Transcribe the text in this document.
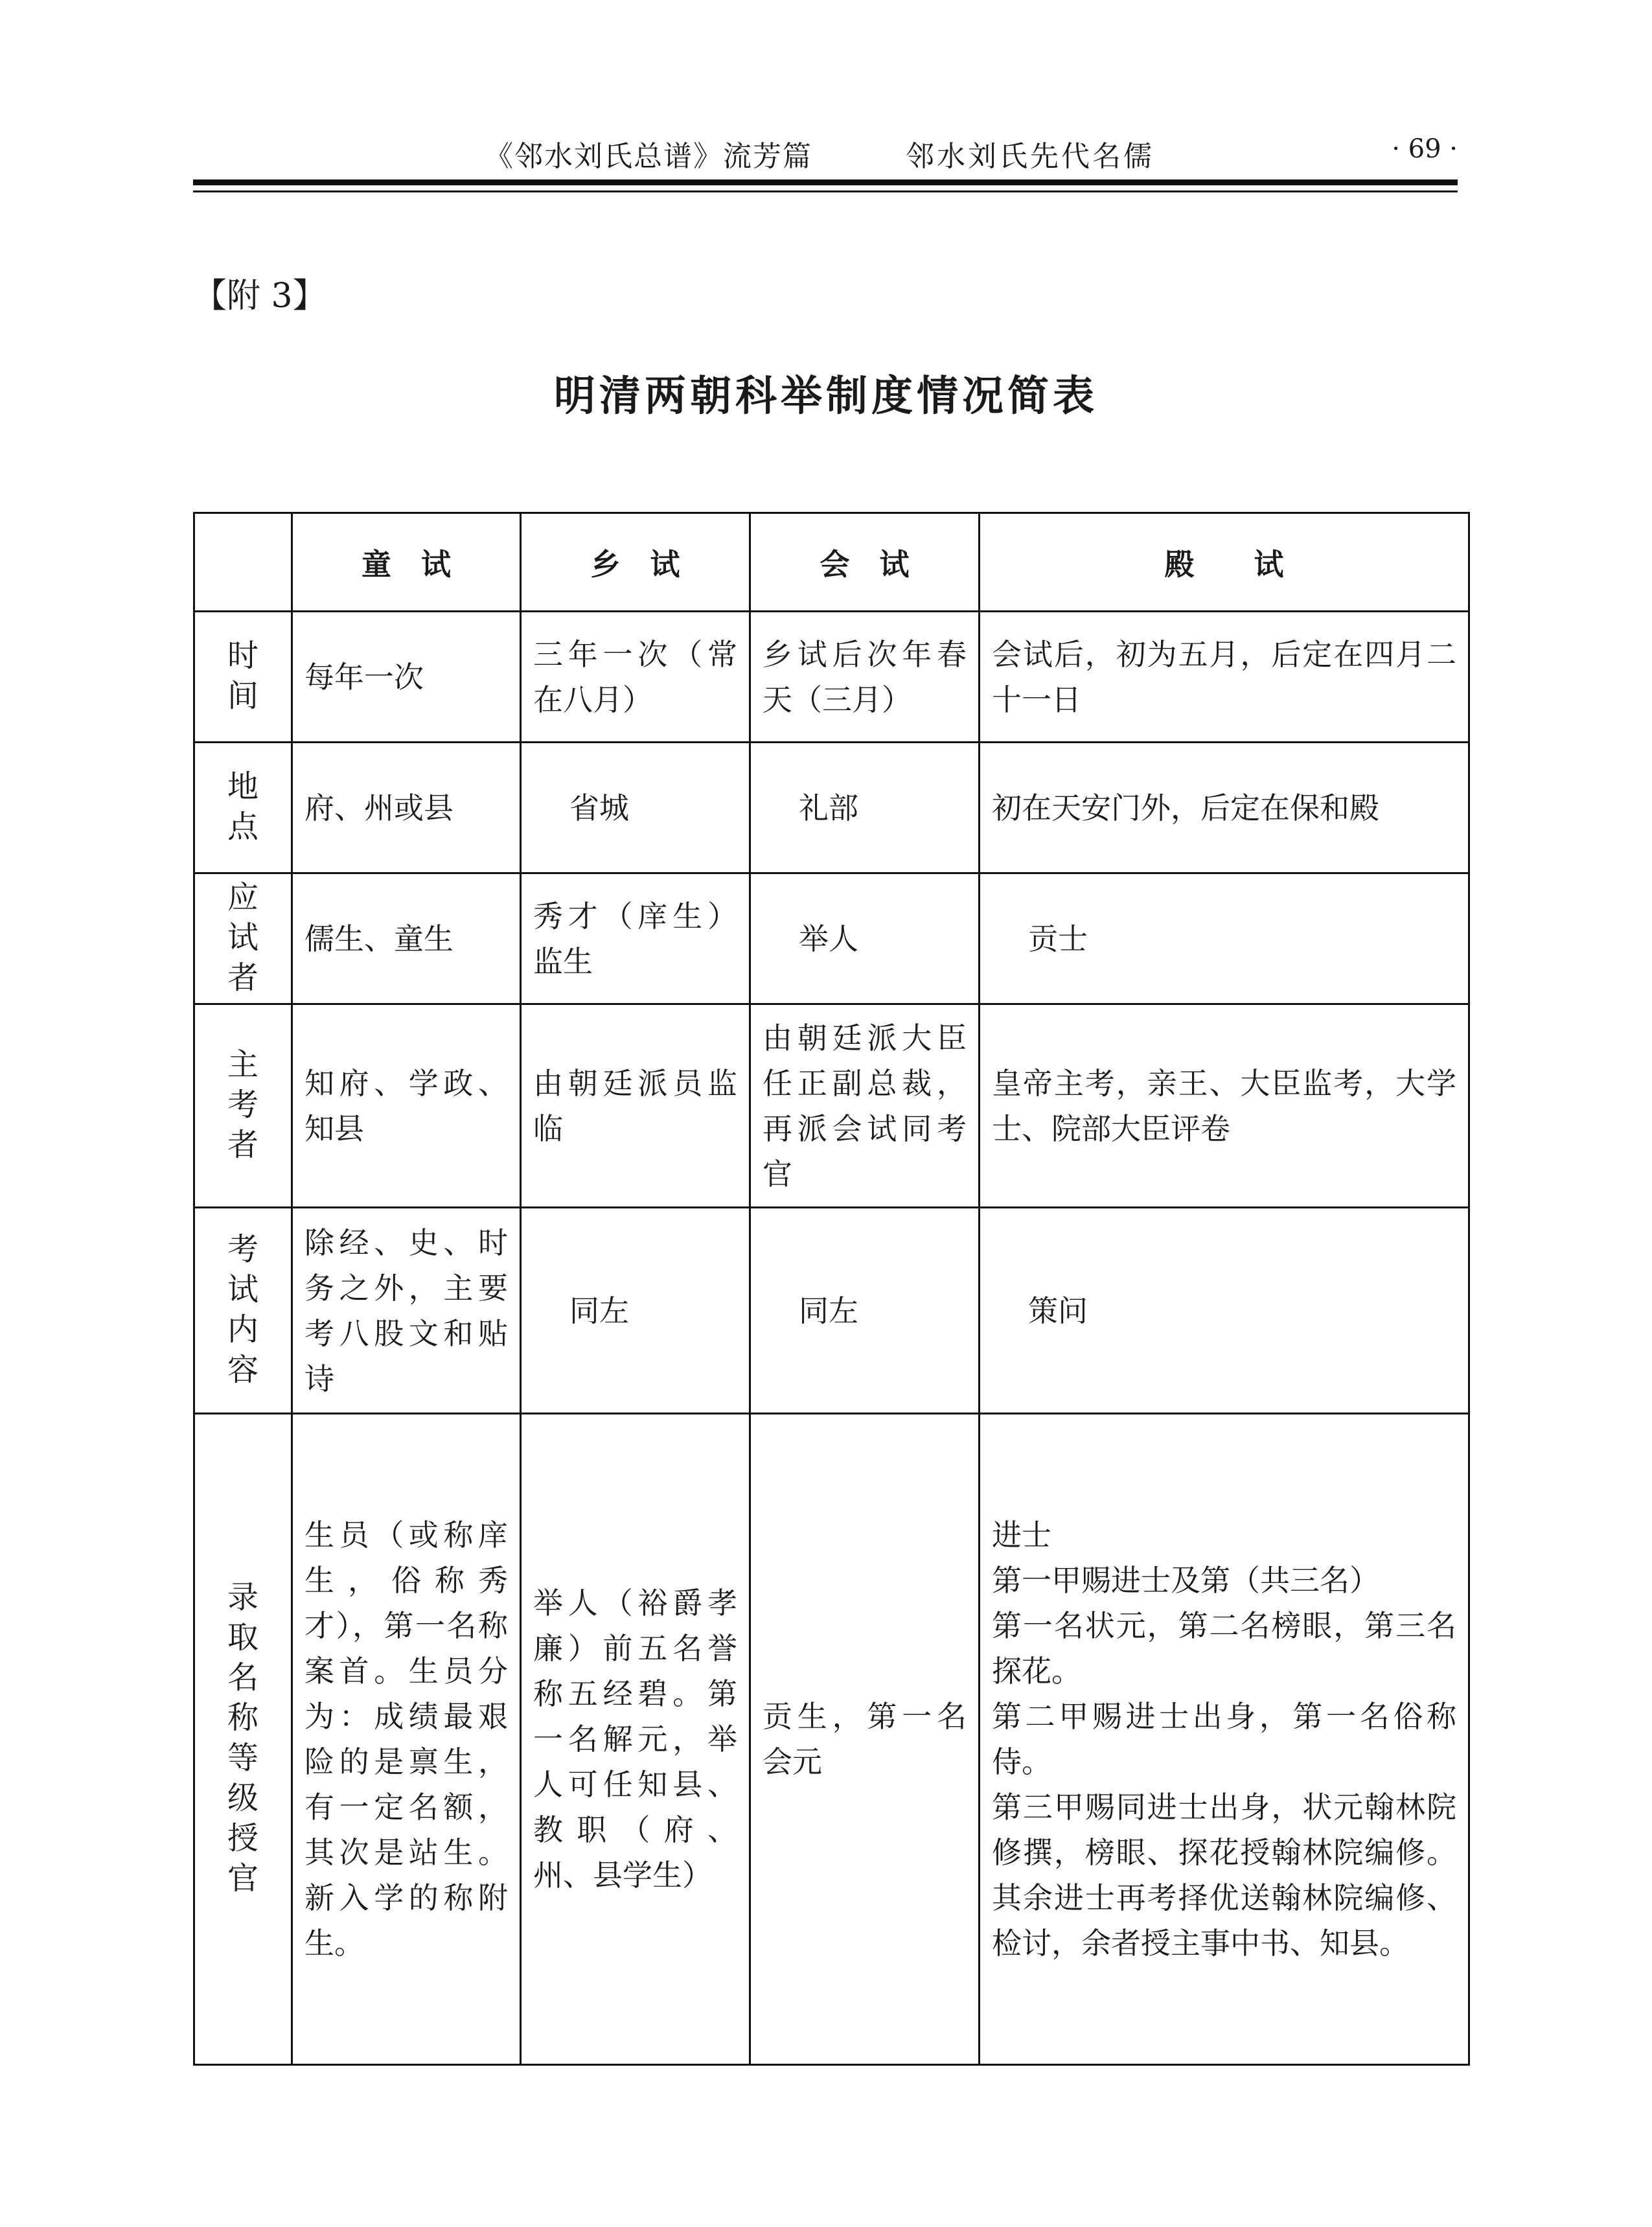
《邻水刘氏总谱》流芳篇	邻水刘氏先代名儒	· 69 ·
【附 3】
明清两朝科举制度情况简表
	童　试	乡　试	会　试	殿　　试
时间	每年一次	三年一次（常在八月）	乡试后次年春天（三月）	会试后，初为五月，后定在四月二十一日
地点	府、州或县	省城	礼部	初在天安门外，后定在保和殿
应试者	儒生、童生	秀才（庠生）监生	举人	贡士
主考者	知府、学政、知县	由朝廷派员监临	由朝廷派大臣任正副总裁，再派会试同考官	皇帝主考，亲王、大臣监考，大学士、院部大臣评卷
考试内容	除经、史、时务之外，主要考八股文和贴诗	同左	同左	策问
录取名称等级授官	生员（或称庠生，俗称秀才），第一名称案首。生员分为：成绩最艰险的是禀生，有一定名额，其次是站生。新入学的称附生。	举人（裕爵孝廉）前五名誉称五经碧。第一名解元，举人可任知县、教职（府、州、县学生）	贡生，第一名会元	进士
第一甲赐进士及第（共三名）
第一名状元，第二名榜眼，第三名探花。
第二甲赐进士出身，第一名俗称侍。
第三甲赐同进士出身，状元翰林院修撰，榜眼、探花授翰林院编修。其余进士再考择优送翰林院编修、检讨，余者授主事中书、知县。
